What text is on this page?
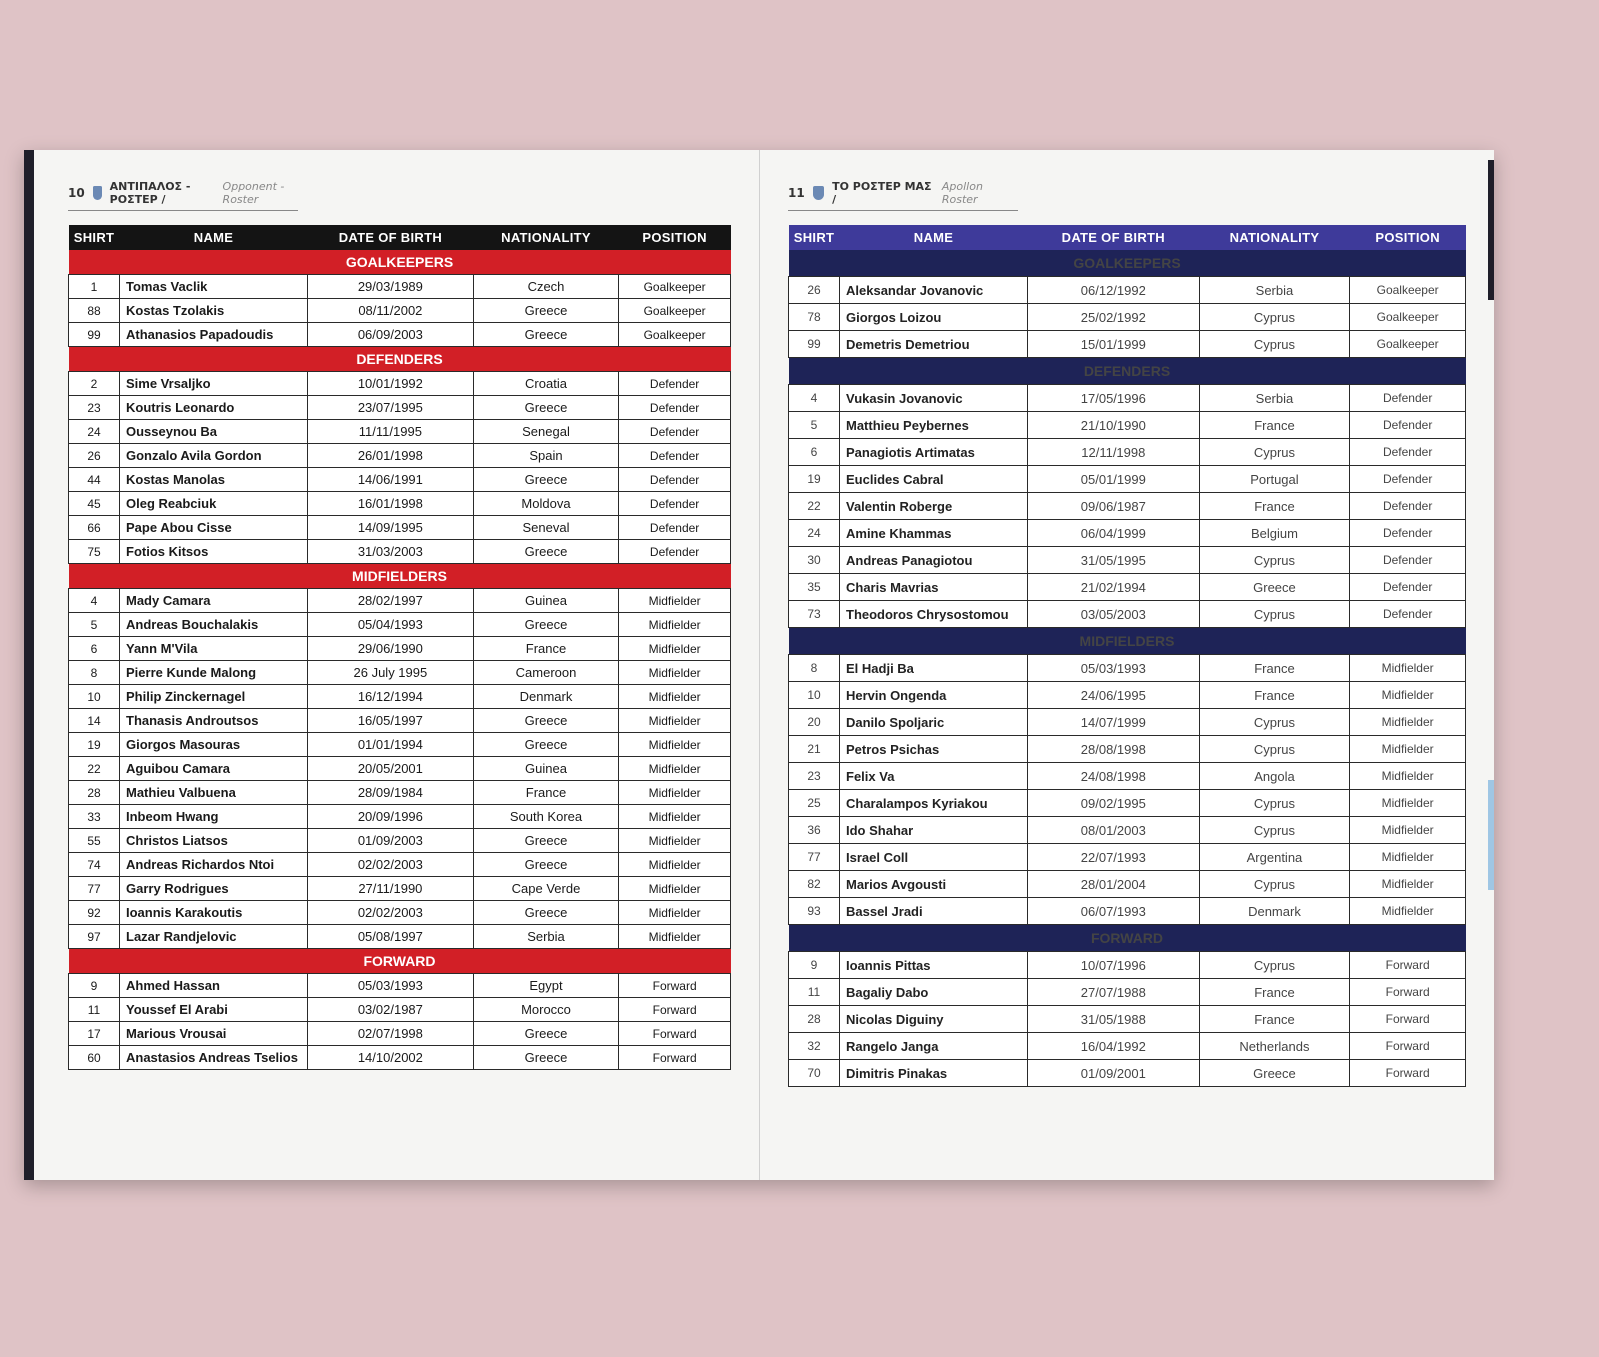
10 ΑΝΤΙΠΑΛΟΣ - ΡΟΣΤΕΡ /
Opponent - Roster
SHIRT	NAME	DATE OF BIRTH	NATIONALITY	POSITION
GOALKEEPERS				
1	Tomas Vaclik	29/03/1989	Czech	Goalkeeper
88	Kostas Tzolakis	08/11/2002	Greece	Goalkeeper
99	Athanasios Papadoudis	06/09/2003	Greece	Goalkeeper
DEFENDERS				
2	Sime Vrsaljko	10/01/1992	Croatia	Defender
23	Koutris Leonardo	23/07/1995	Greece	Defender
24	Ousseynou Ba	11/11/1995	Senegal	Defender
26	Gonzalo Avila Gordon	26/01/1998	Spain	Defender
44	Kostas Manolas	14/06/1991	Greece	Defender
45	Oleg Reabciuk	16/01/1998	Moldova	Defender
66	Pape Abou Cisse	14/09/1995	Seneval	Defender
75	Fotios Kitsos	31/03/2003	Greece	Defender
MIDFIELDERS				
4	Mady Camara	28/02/1997	Guinea	Midfielder
5	Andreas Bouchalakis	05/04/1993	Greece	Midfielder
6	Yann M'Vila	29/06/1990	France	Midfielder
8	Pierre Kunde Malong	26 July 1995	Cameroon	Midfielder
10	Philip Zinckernagel	16/12/1994	Denmark	Midfielder
14	Thanasis Androutsos	16/05/1997	Greece	Midfielder
19	Giorgos Masouras	01/01/1994	Greece	Midfielder
22	Aguibou Camara	20/05/2001	Guinea	Midfielder
28	Mathieu Valbuena	28/09/1984	France	Midfielder
33	Inbeom Hwang	20/09/1996	South Korea	Midfielder
55	Christos Liatsos	01/09/2003	Greece	Midfielder
74	Andreas Richardos Ntoi	02/02/2003	Greece	Midfielder
77	Garry Rodrigues	27/11/1990	Cape Verde	Midfielder
92	Ioannis Karakoutis	02/02/2003	Greece	Midfielder
97	Lazar Randjelovic	05/08/1997	Serbia	Midfielder
FORWARD				
9	Ahmed Hassan	05/03/1993	Egypt	Forward
11	Youssef El Arabi	03/02/1987	Morocco	Forward
17	Marious Vrousai	02/07/1998	Greece	Forward
60	Anastasios Andreas Tselios	14/10/2002	Greece	Forward
11 ΤΟ ΡΟΣΤΕΡ ΜΑΣ /
Apollon Roster
SHIRT	NAME	DATE OF BIRTH	NATIONALITY	POSITION
GOALKEEPERS				
26	Aleksandar Jovanovic	06/12/1992	Serbia	Goalkeeper
78	Giorgos Loizou	25/02/1992	Cyprus	Goalkeeper
99	Demetris Demetriou	15/01/1999	Cyprus	Goalkeeper
DEFENDERS				
4	Vukasin Jovanovic	17/05/1996	Serbia	Defender
5	Matthieu Peybernes	21/10/1990	France	Defender
6	Panagiotis Artimatas	12/11/1998	Cyprus	Defender
19	Euclides Cabral	05/01/1999	Portugal	Defender
22	Valentin Roberge	09/06/1987	France	Defender
24	Amine Khammas	06/04/1999	Belgium	Defender
30	Andreas Panagiotou	31/05/1995	Cyprus	Defender
35	Charis Mavrias	21/02/1994	Greece	Defender
73	Theodoros Chrysostomou	03/05/2003	Cyprus	Defender
MIDFIELDERS				
8	El Hadji Ba	05/03/1993	France	Midfielder
10	Hervin Ongenda	24/06/1995	France	Midfielder
20	Danilo Spoljaric	14/07/1999	Cyprus	Midfielder
21	Petros Psichas	28/08/1998	Cyprus	Midfielder
23	Felix Va	24/08/1998	Angola	Midfielder
25	Charalampos Kyriakou	09/02/1995	Cyprus	Midfielder
36	Ido Shahar	08/01/2003	Cyprus	Midfielder
77	Israel Coll	22/07/1993	Argentina	Midfielder
82	Marios Avgousti	28/01/2004	Cyprus	Midfielder
93	Bassel Jradi	06/07/1993	Denmark	Midfielder
FORWARD				
9	Ioannis Pittas	10/07/1996	Cyprus	Forward
11	Bagaliy Dabo	27/07/1988	France	Forward
28	Nicolas Diguiny	31/05/1988	France	Forward
32	Rangelo Janga	16/04/1992	Netherlands	Forward
70	Dimitris Pinakas	01/09/2001	Greece	Forward
